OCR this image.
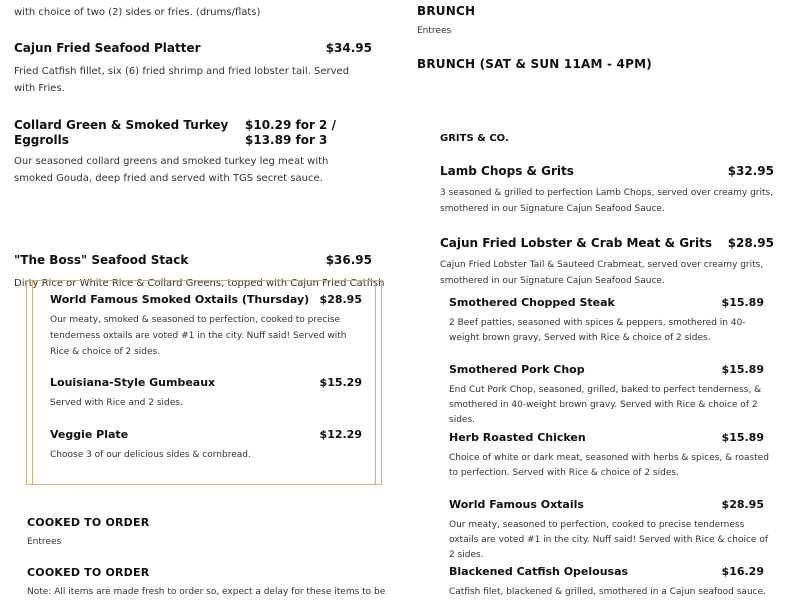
with choice of two (2) sides or fries. (drums/flats)
Cajun Fried Seafood Platter	$34.95
Fried Catfish fillet, six (6) fried shrimp and fried lobster tail. Served with Fries.
Collard Green & Smoked Turkey Eggrolls
$10.29 for 2 / $13.89 for 3
Our seasoned collard greens and smoked turkey leg meat with smoked Gouda, deep fried and served with TGS secret sauce.
"The Boss" Seafood Stack	$36.95
Dirty Rice or White Rice & Collard Greens, topped with Cajun Fried Catfish
BRUNCH
Entrees
BRUNCH (SAT & SUN 11AM - 4PM)
GRITS & CO.
Lamb Chops & Grits	$32.95
3 seasoned & grilled to perfection Lamb Chops, served over creamy grits, smothered in our Signature Cajun Seafood Sauce.
Cajun Fried Lobster & Crab Meat & Grits	$28.95
Cajun Fried Lobster Tail & Sauteed Crabmeat, served over creamy grits, smothered in our Signature Cajun Seafood Sauce.
World Famous Smoked Oxtails (Thursday) $28.95
Our meaty, smoked & seasoned to perfection, cooked to precise tenderness oxtails are voted #1 in the city. Nuff said! Served with Rice & choice of 2 sides.
Louisiana-Style Gumbeaux	$15.29
Served with Rice and 2 sides.
Veggie Plate	$12.29
Choose 3 of our delicious sides & cornbread.
COOKED TO ORDER
Entrees
COOKED TO ORDER
Note: All items are made fresh to order so, expect a delay for these items to be
Smothered Chopped Steak	$15.89
2 Beef patties, seasoned with spices & peppers, smothered in 40-weight brown gravy, Served with Rice & choice of 2 sides.
Smothered Pork Chop	$15.89
End Cut Pork Chop, seasoned, grilled, baked to perfect tenderness, & smothered in 40-weight brown gravy. Served with Rice & choice of 2 sides.
Herb Roasted Chicken	$15.89
Choice of white or dark meat, seasoned with herbs & spices, & roasted to perfection. Served with Rice & choice of 2 sides.
World Famous Oxtails	$28.95
Our meaty, seasoned to perfection, cooked to precise tenderness oxtails are voted #1 in the city. Nuff said! Served with Rice & choice of 2 sides.
Blackened Catfish Opelousas	$16.29
Catfish filet, blackened & grilled, smothered in a Cajun seafood sauce.
